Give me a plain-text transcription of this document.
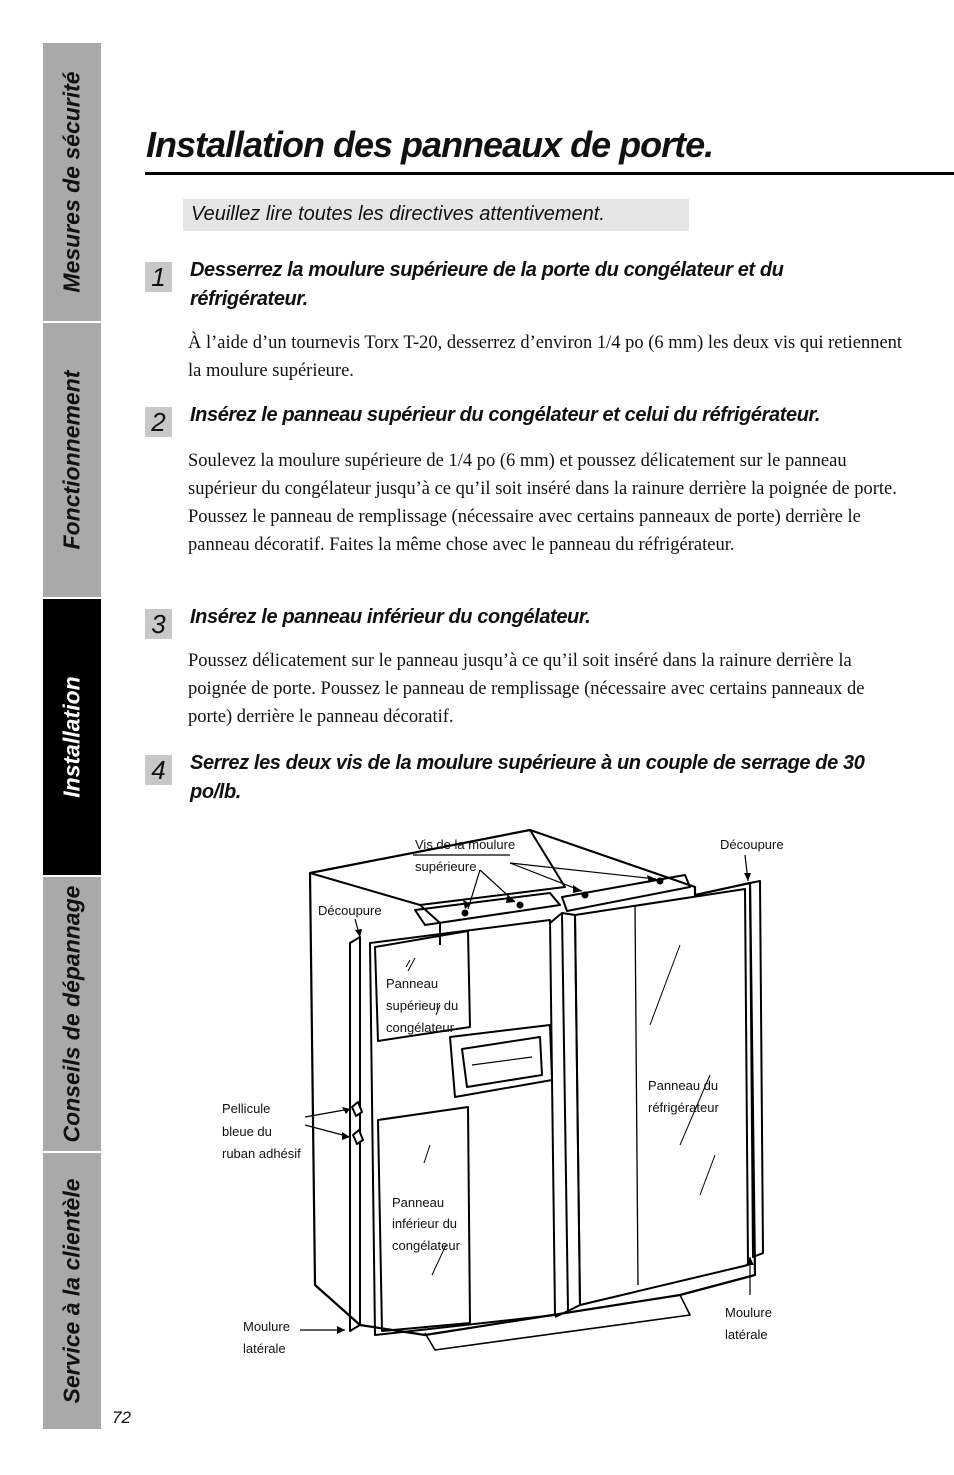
Mesures de sécurité
Fonctionnement
Installation
Conseils de dépannage
Service à la clientèle
Installation des panneaux de porte.
Veuillez lire toutes les directives attentivement.
1	Desserrez la moulure supérieure de la porte du congélateur et du réfrigérateur.

À l’aide d’un tournevis Torx T-20, desserrez d’environ 1/4 po (6 mm) les deux vis qui retiennent la moulure supérieure.

2	Insérez le panneau supérieur du congélateur et celui du réfrigérateur.

Soulevez la moulure supérieure de 1/4 po (6 mm) et poussez délicatement sur le panneau supérieur du congélateur jusqu’à ce qu’il soit inséré dans la rainure derrière la poignée de porte. Poussez le panneau de remplissage (nécessaire avec certains panneaux de porte) derrière le panneau décoratif. Faites la même chose avec le panneau du réfrigérateur.

3	Insérez le panneau inférieur du congélateur.

Poussez délicatement sur le panneau jusqu’à ce qu’il soit inséré dans la rainure derrière la poignée de porte. Poussez le panneau de remplissage (nécessaire avec certains panneaux de porte) derrière le panneau décoratif.

4	Serrez les deux vis de la moulure supérieure à un couple de serrage de 30 po/lb.
Vis de la moulure
supérieure
Découpure
Découpure
Panneau
supérieur du
congélateur
Pellicule
bleue du
ruban adhésif
Panneau du
réfrigérateur
Panneau
inférieur du
congélateur
Moulure
latérale
Moulure
latérale
72
